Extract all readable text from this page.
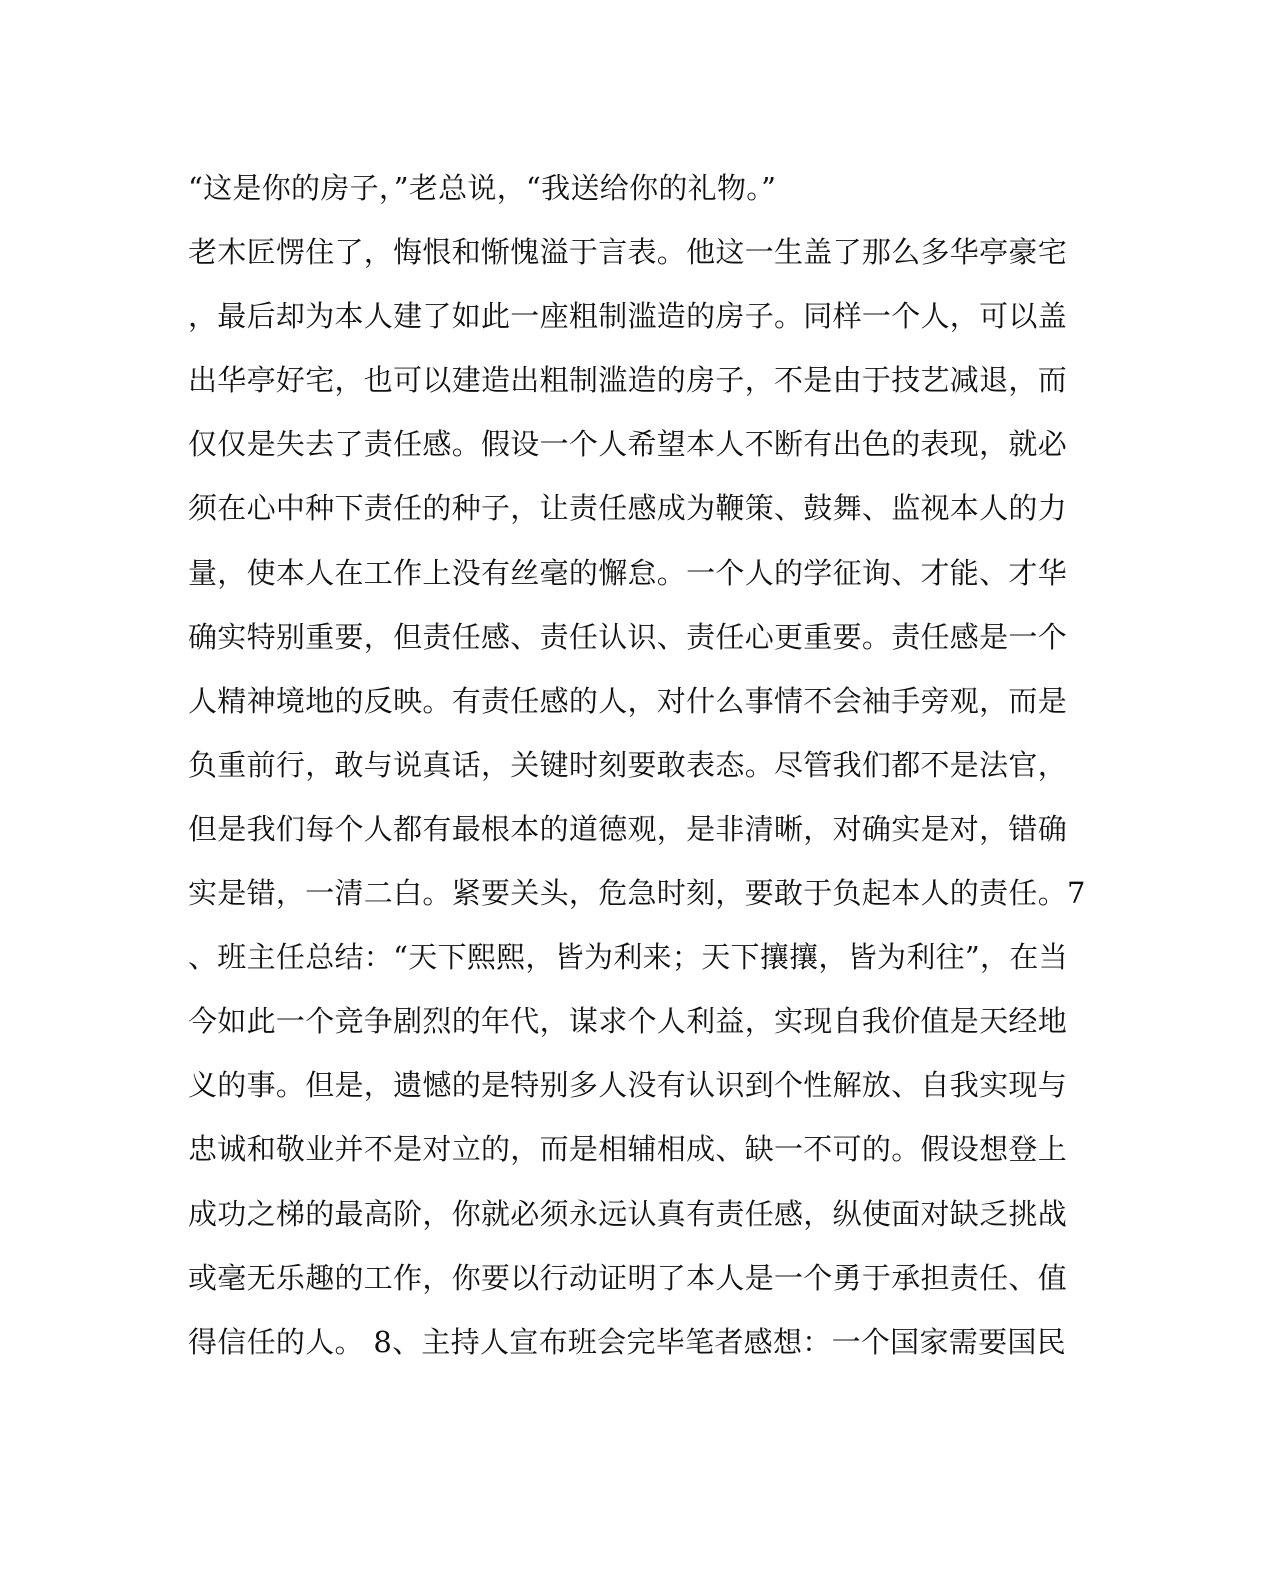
“这是你的房子，”老总说，“我送给你的礼物。”
老木匠愣住了，悔恨和惭愧溢于言表。他这一生盖了那么多华亭豪宅
，最后却为本人建了如此一座粗制滥造的房子。同样一个人，可以盖
出华亭好宅，也可以建造出粗制滥造的房子，不是由于技艺减退，而
仅仅是失去了责任感。假设一个人希望本人不断有出色的表现，就必
须在心中种下责任的种子，让责任感成为鞭策、鼓舞、监视本人的力
量，使本人在工作上没有丝毫的懈怠。一个人的学征询、才能、才华
确实特别重要，但责任感、责任认识、责任心更重要。责任感是一个
人精神境地的反映。有责任感的人，对什么事情不会袖手旁观，而是
负重前行，敢与说真话，关键时刻要敢表态。尽管我们都不是法官，
但是我们每个人都有最根本的道德观，是非清晰，对确实是对，错确
实是错，一清二白。紧要关头，危急时刻，要敢于负起本人的责任。7
、班主任总结：“天下熙熙，皆为利来；天下攘攘，皆为利往”，在当
今如此一个竞争剧烈的年代，谋求个人利益，实现自我价值是天经地
义的事。但是，遗憾的是特别多人没有认识到个性解放、自我实现与
忠诚和敬业并不是对立的，而是相辅相成、缺一不可的。假设想登上
成功之梯的最高阶，你就必须永远认真有责任感，纵使面对缺乏挑战
或毫无乐趣的工作，你要以行动证明了本人是一个勇于承担责任、值
得信任的人。 8、主持人宣布班会完毕笔者感想：一个国家需要国民
